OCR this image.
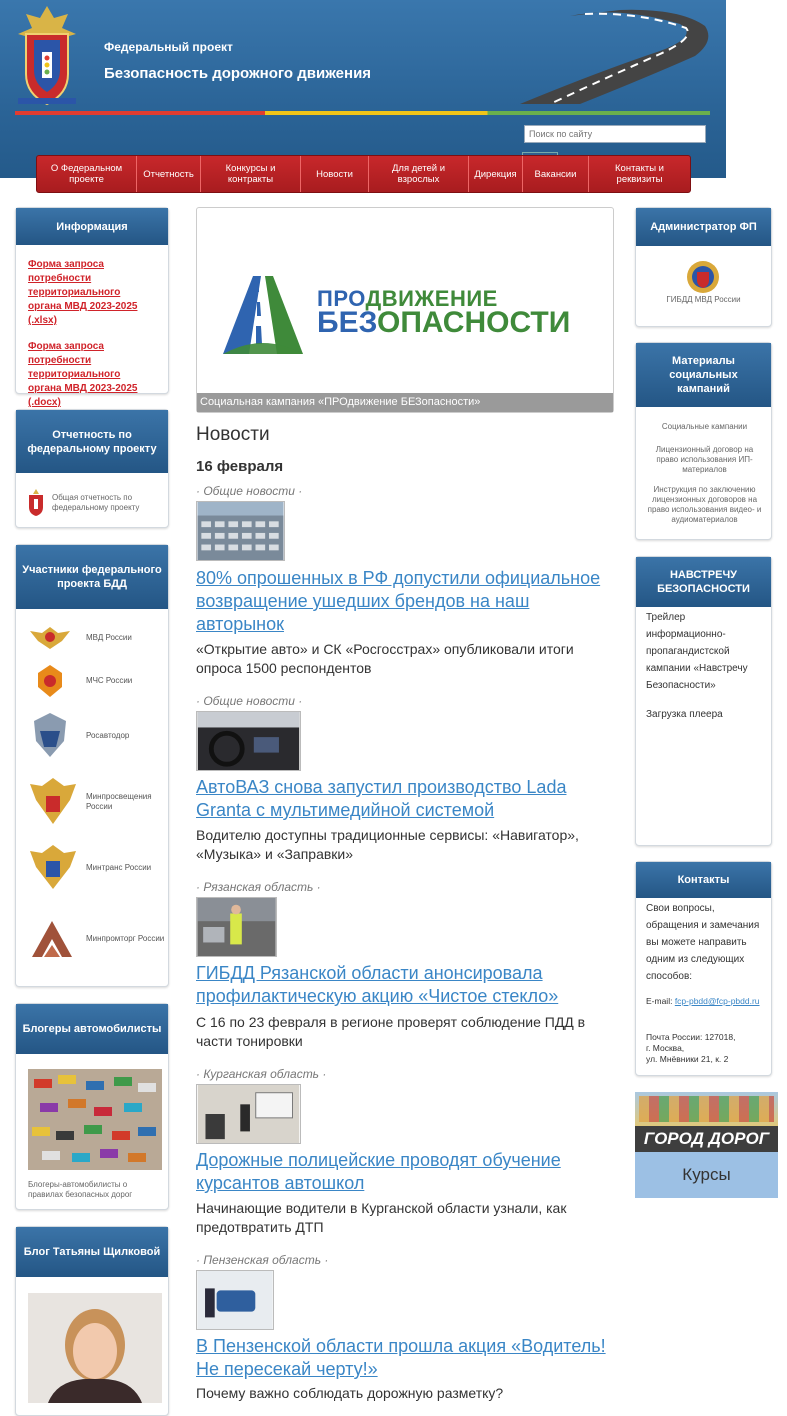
Федеральный проект
Безопасность дорожного движения
Поиск по сайту
О Федеральном проекте	Отчетность	Конкурсы и контракты	Новости	Для детей и взрослых	Дирекция	Вакансии	Контакты и реквизиты
Информация
Форма запроса потребности территориального органа МВД 2023-2025 (.xlsx)
Форма запроса потребности территориального органа МВД 2023-2025 (.docx)
Отчетность по федеральному проекту
Общая отчетность по федеральному проекту
Участники федерального проекта БДД
МВД России
МЧС России
Росавтодор
Минпросвещения России
Минтранс России
Минпромторг России
Блогеры автомобилисты
Блогеры-автомобилисты о правилах безопасных дорог
Блог Татьяны Щилковой
ПРОДВИЖЕНИЕ
БЕЗОПАСНОСТИ
Социальная кампания «ПРОдвижение БЕЗопасности»
Новости
16 февраля
· Общие новости ·
80% опрошенных в РФ допустили официальное возвращение ушедших брендов на наш авторынок
«Открытие авто» и СК «Росгосстрах» опубликовали итоги опроса 1500 респондентов
· Общие новости ·
АвтоВАЗ снова запустил производство Lada Granta с мультимедийной системой
Водителю доступны традиционные сервисы: «Навигатор», «Музыка» и «Заправки»
· Рязанская область ·
ГИБДД Рязанской области анонсировала профилактическую акцию «Чистое стекло»
С 16 по 23 февраля в регионе проверят соблюдение ПДД в части тонировки
· Курганская область ·
Дорожные полицейские проводят обучение курсантов автошкол
Начинающие водители в Курганской области узнали, как предотвратить ДТП
· Пензенская область ·
В Пензенской области прошла акция «Водитель! Не пересекай черту!»
Почему важно соблюдать дорожную разметку?
Администратор ФП
ГИБДД МВД России
Материалы социальных кампаний
Социальные кампании
Лицензионный договор на право использования ИП-материалов
Инструкция по заключению лицензионных договоров на право использования видео- и аудиоматериалов
НАВСТРЕЧУ БЕЗОПАСНОСТИ
Трейлер информационно-пропагандистской кампании «Навстречу Безопасности»
Загрузка плеера
Контакты
Свои вопросы, обращения и замечания вы можете направить одним из следующих способов:
E-mail: fcp-pbdd@fcp-pbdd.ru
Почта России: 127018,
г. Москва,
ул. Мнёвники 21, к. 2
ГОРОД ДОРОГ
Курсы
